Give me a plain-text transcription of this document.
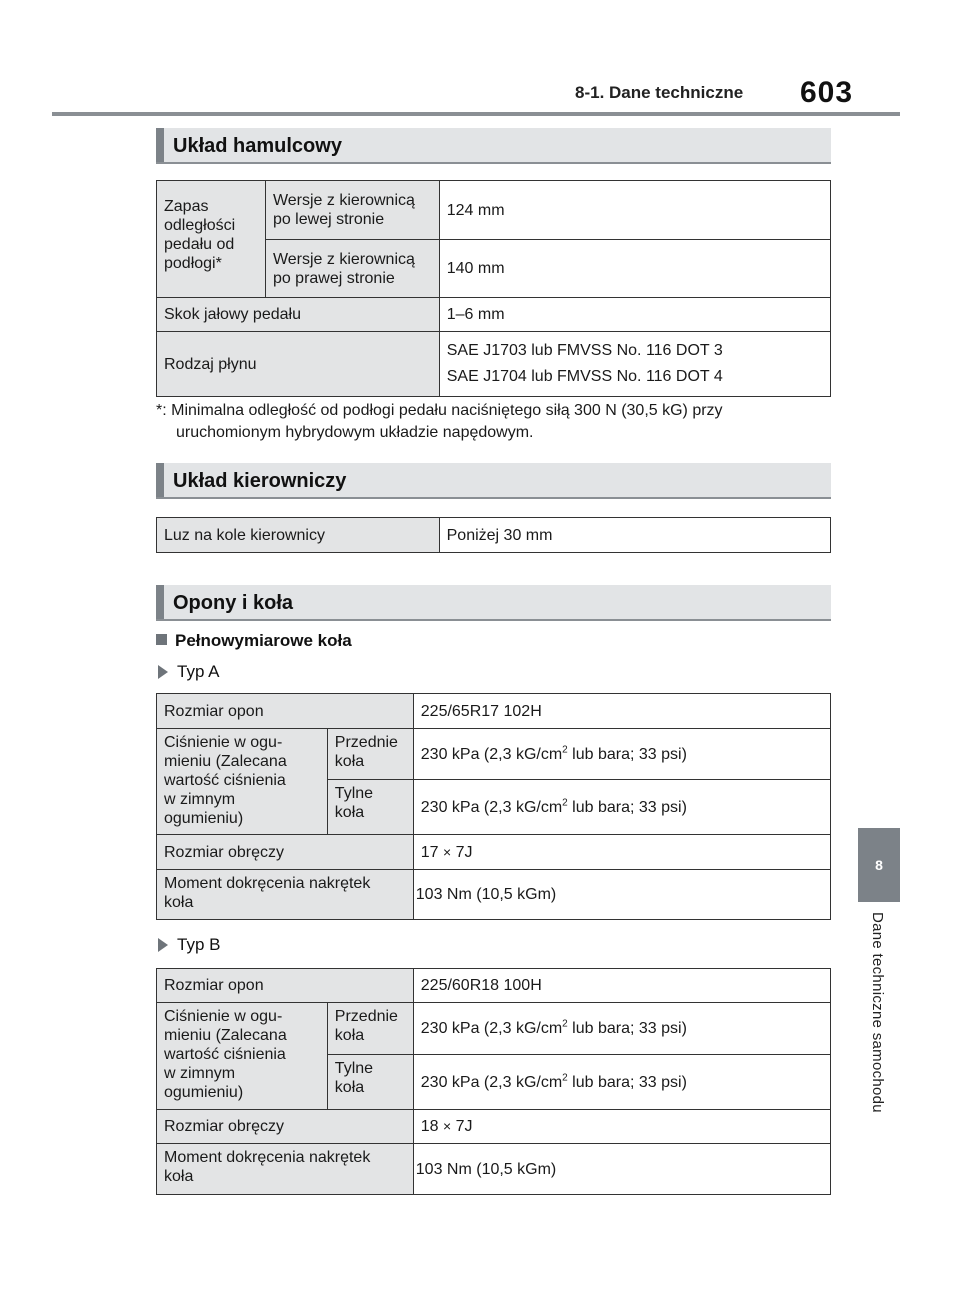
8-1. Dane techniczne 603
8
Dane techniczne samochodu
Układ hamulcowy
Zapas odległości pedału od podłogi*	Wersje z kierownicą po lewej stronie	124 mm
	Wersje z kierownicą po prawej stronie	140 mm
Skok jałowy pedału		1–6 mm
Rodzaj płynu		SAE J1703 lub FMVSS No. 116 DOT 3
SAE J1704 lub FMVSS No. 116 DOT 4
*: Minimalna odległość od podłogi pedału naciśniętego siłą 300 N (30,5 kG) przy
uruchomionym hybrydowym układzie napędowym.
Układ kierowniczy
Luz na kole kierownicy	Poniżej 30 mm
Opony i koła
Pełnowymiarowe koła
Typ A
Rozmiar opon		225/65R17 102H
Ciśnienie w ogu-
mieniu (Zalecana
wartość ciśnienia
w zimnym
ogumieniu)	Przednie
koła	230 kPa (2,3 $kG/cm^2$ lub bara; 33 psi)
	Tylne
koła	230 kPa (2,3 $kG/cm^2$ lub bara; 33 psi)
Rozmiar obręczy		17 × 7J
Moment dokręcenia nakrętek
koła		103 Nm (10,5 kGm)
Typ B
Rozmiar opon		225/60R18 100H
Ciśnienie w ogu-
mieniu (Zalecana
wartość ciśnienia
w zimnym
ogumieniu)	Przednie
koła	230 kPa (2,3 $kG/cm^2$ lub bara; 33 psi)
	Tylne
koła	230 kPa (2,3 $kG/cm^2$ lub bara; 33 psi)
Rozmiar obręczy		18 × 7J
Moment dokręcenia nakrętek
koła		103 Nm (10,5 kGm)
